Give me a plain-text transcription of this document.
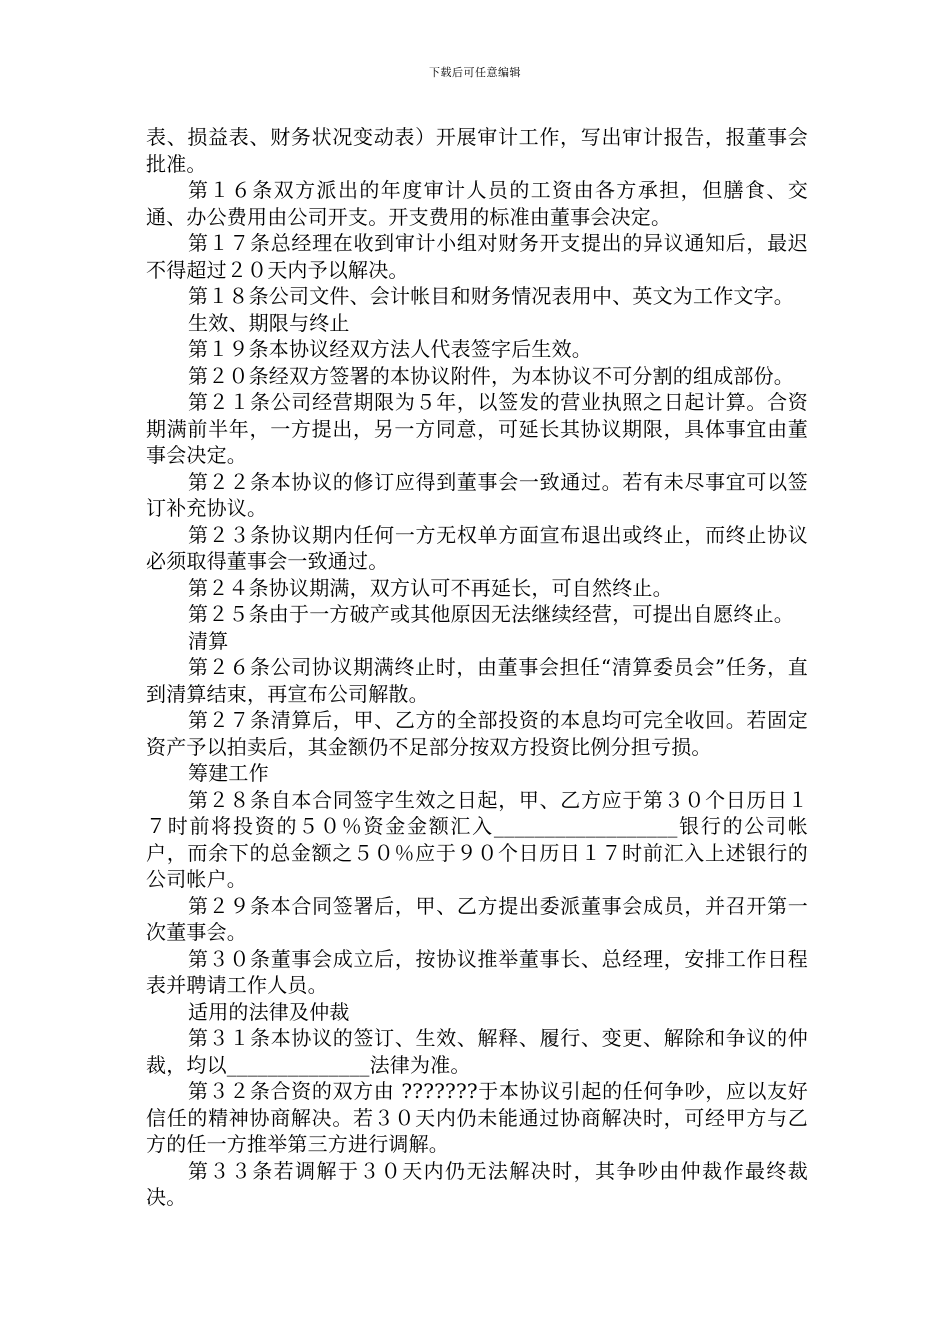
下载后可任意编辑

表、损益表、财务状况变动表）开展审计工作，写出审计报告，报董事会批准。

第１６条双方派出的年度审计人员的工资由各方承担，但膳食、交通、办公费用由公司开支。开支费用的标准由董事会决定。

第１７条总经理在收到审计小组对财务开支提出的异议通知后，最迟不得超过２０天内予以解决。

第１８条公司文件、会计帐目和财务情况表用中、英文为工作文字。

生效、期限与终止

第１９条本协议经双方法人代表签字后生效。

第２０条经双方签署的本协议附件，为本协议不可分割的组成部份。

第２１条公司经营期限为５年，以签发的营业执照之日起计算。合资期满前半年，一方提出，另一方同意，可延长其协议期限，具体事宜由董事会决定。

第２２条本协议的修订应得到董事会一致通过。若有未尽事宜可以签订补充协议。

第２３条协议期内任何一方无权单方面宣布退出或终止，而终止协议必须取得董事会一致通过。

第２４条协议期满，双方认可不再延长，可自然终止。

第２５条由于一方破产或其他原因无法继续经营，可提出自愿终止。

清算

第２６条公司协议期满终止时，由董事会担任“清算委员会”任务，直到清算结束，再宣布公司解散。

第２７条清算后，甲、乙方的全部投资的本息均可完全收回。若固定资产予以拍卖后，其金额仍不足部分按双方投资比例分担亏损。

筹建工作

第２８条自本合同签字生效之日起，甲、乙方应于第３０个日历日１７时前将投资的５０％资金金额汇入__________________银行的公司帐户，而余下的总金额之５０％应于９０个日历日１７时前汇入上述银行的公司帐户。

第２９条本合同签署后，甲、乙方提出委派董事会成员，并召开第一次董事会。

第３０条董事会成立后，按协议推举董事长、总经理，安排工作日程表并聘请工作人员。

适用的法律及仲裁

第３１条本协议的签订、生效、解释、履行、变更、解除和争议的仲裁，均以______________法律为准。

第３２条合资的双方由 ???????于本协议引起的任何争吵，应以友好信任的精神协商解决。若３０天内仍未能通过协商解决时，可经甲方与乙方的任一方推举第三方进行调解。

第３３条若调解于３０天内仍无法解决时，其争吵由仲裁作最终裁决。
